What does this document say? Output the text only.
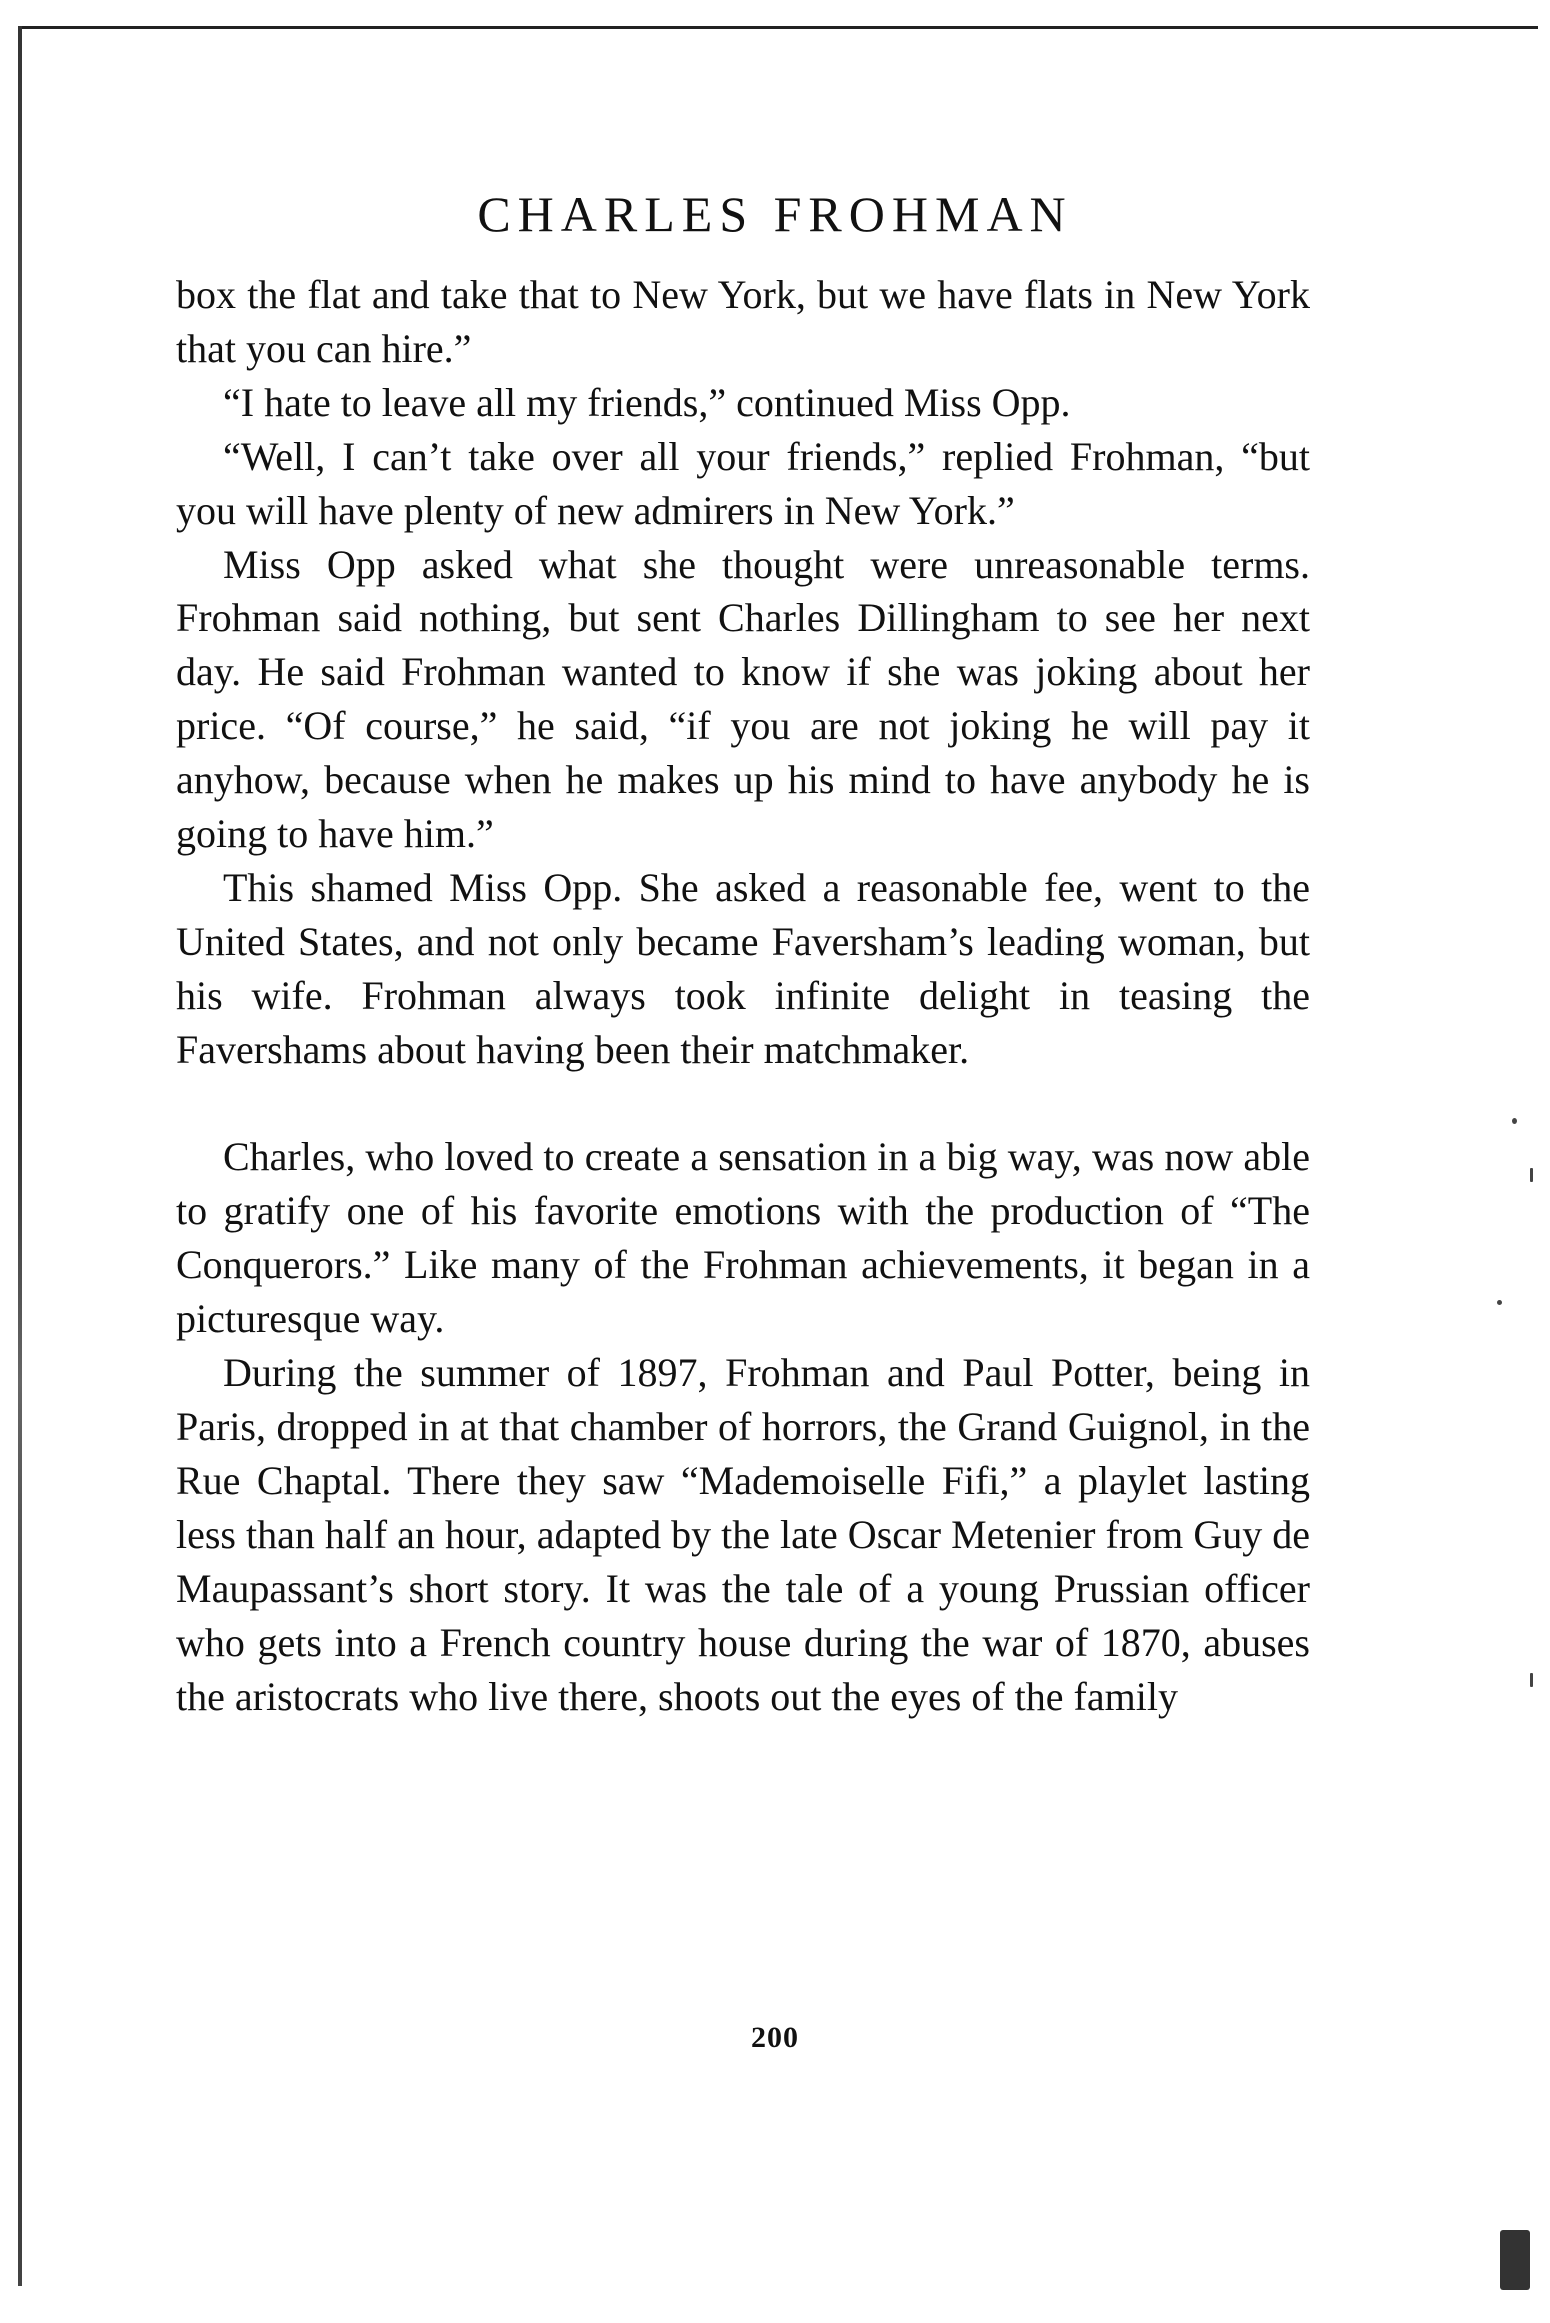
CHARLES FROHMAN

box the flat and take that to New York, but we have flats in New York that you can hire.”

“I hate to leave all my friends,” continued Miss Opp.

“Well, I can’t take over all your friends,” replied Frohman, “but you will have plenty of new admirers in New York.”

Miss Opp asked what she thought were unreasonable terms. Frohman said nothing, but sent Charles Dillingham to see her next day. He said Frohman wanted to know if she was joking about her price. “Of course,” he said, “if you are not joking he will pay it anyhow, because when he makes up his mind to have anybody he is going to have him.”

This shamed Miss Opp. She asked a reasonable fee, went to the United States, and not only became Faversham’s leading woman, but his wife. Frohman always took infinite delight in teasing the Favershams about having been their matchmaker.

Charles, who loved to create a sensation in a big way, was now able to gratify one of his favorite emotions with the production of “The Conquerors.” Like many of the Frohman achievements, it began in a picturesque way.

During the summer of 1897, Frohman and Paul Potter, being in Paris, dropped in at that chamber of horrors, the Grand Guignol, in the Rue Chaptal. There they saw “Mademoiselle Fifi,” a playlet lasting less than half an hour, adapted by the late Oscar Metenier from Guy de Maupassant’s short story. It was the tale of a young Prussian officer who gets into a French country house during the war of 1870, abuses the aristocrats who live there, shoots out the eyes of the family

200
